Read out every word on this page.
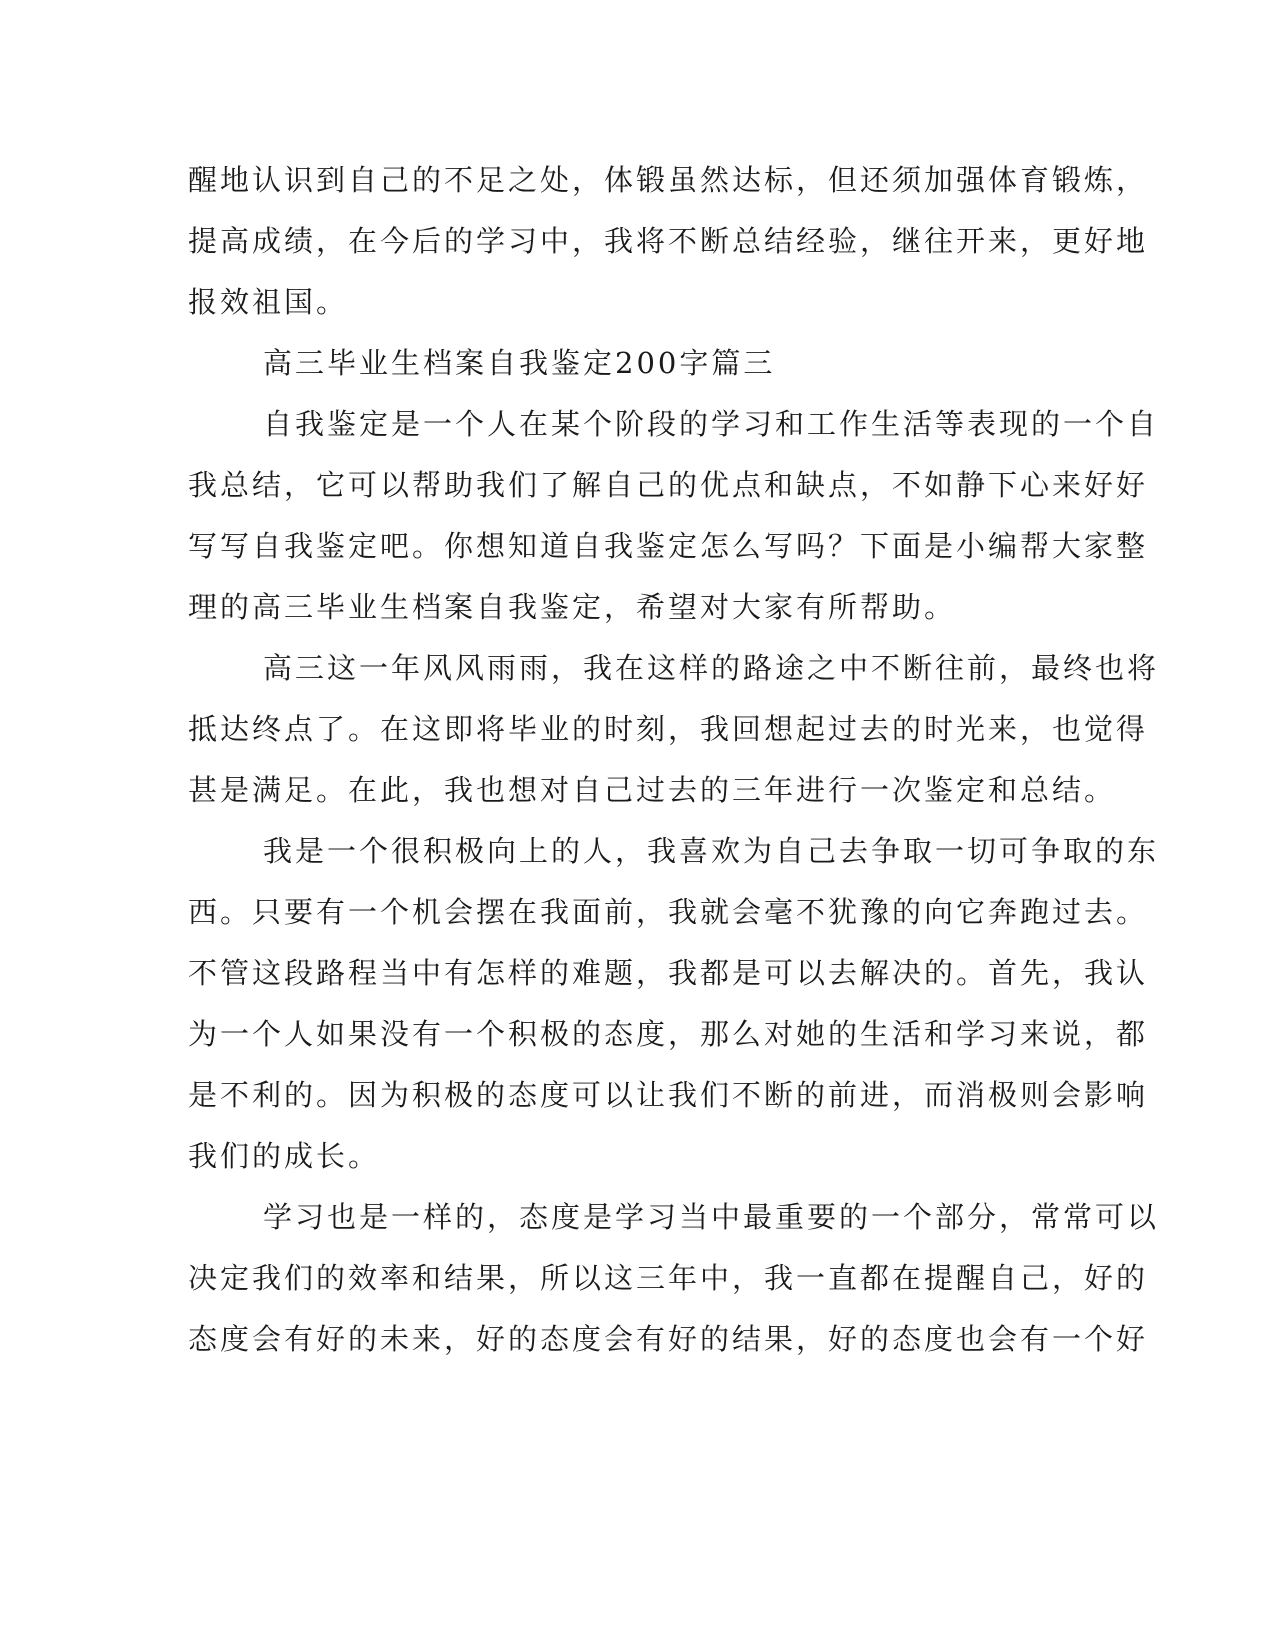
醒地认识到自己的不足之处，体锻虽然达标，但还须加强体育锻炼，
提高成绩，在今后的学习中，我将不断总结经验，继往开来，更好地
报效祖国。
高三毕业生档案自我鉴定200字篇三
自我鉴定是一个人在某个阶段的学习和工作生活等表现的一个自
我总结，它可以帮助我们了解自己的优点和缺点，不如静下心来好好
写写自我鉴定吧。你想知道自我鉴定怎么写吗？下面是小编帮大家整
理的高三毕业生档案自我鉴定，希望对大家有所帮助。
高三这一年风风雨雨，我在这样的路途之中不断往前，最终也将
抵达终点了。在这即将毕业的时刻，我回想起过去的时光来，也觉得
甚是满足。在此，我也想对自己过去的三年进行一次鉴定和总结。
我是一个很积极向上的人，我喜欢为自己去争取一切可争取的东
西。只要有一个机会摆在我面前，我就会毫不犹豫的向它奔跑过去。
不管这段路程当中有怎样的难题，我都是可以去解决的。首先，我认
为一个人如果没有一个积极的态度，那么对她的生活和学习来说，都
是不利的。因为积极的态度可以让我们不断的前进，而消极则会影响
我们的成长。
学习也是一样的，态度是学习当中最重要的一个部分，常常可以
决定我们的效率和结果，所以这三年中，我一直都在提醒自己，好的
态度会有好的未来，好的态度会有好的结果，好的态度也会有一个好
